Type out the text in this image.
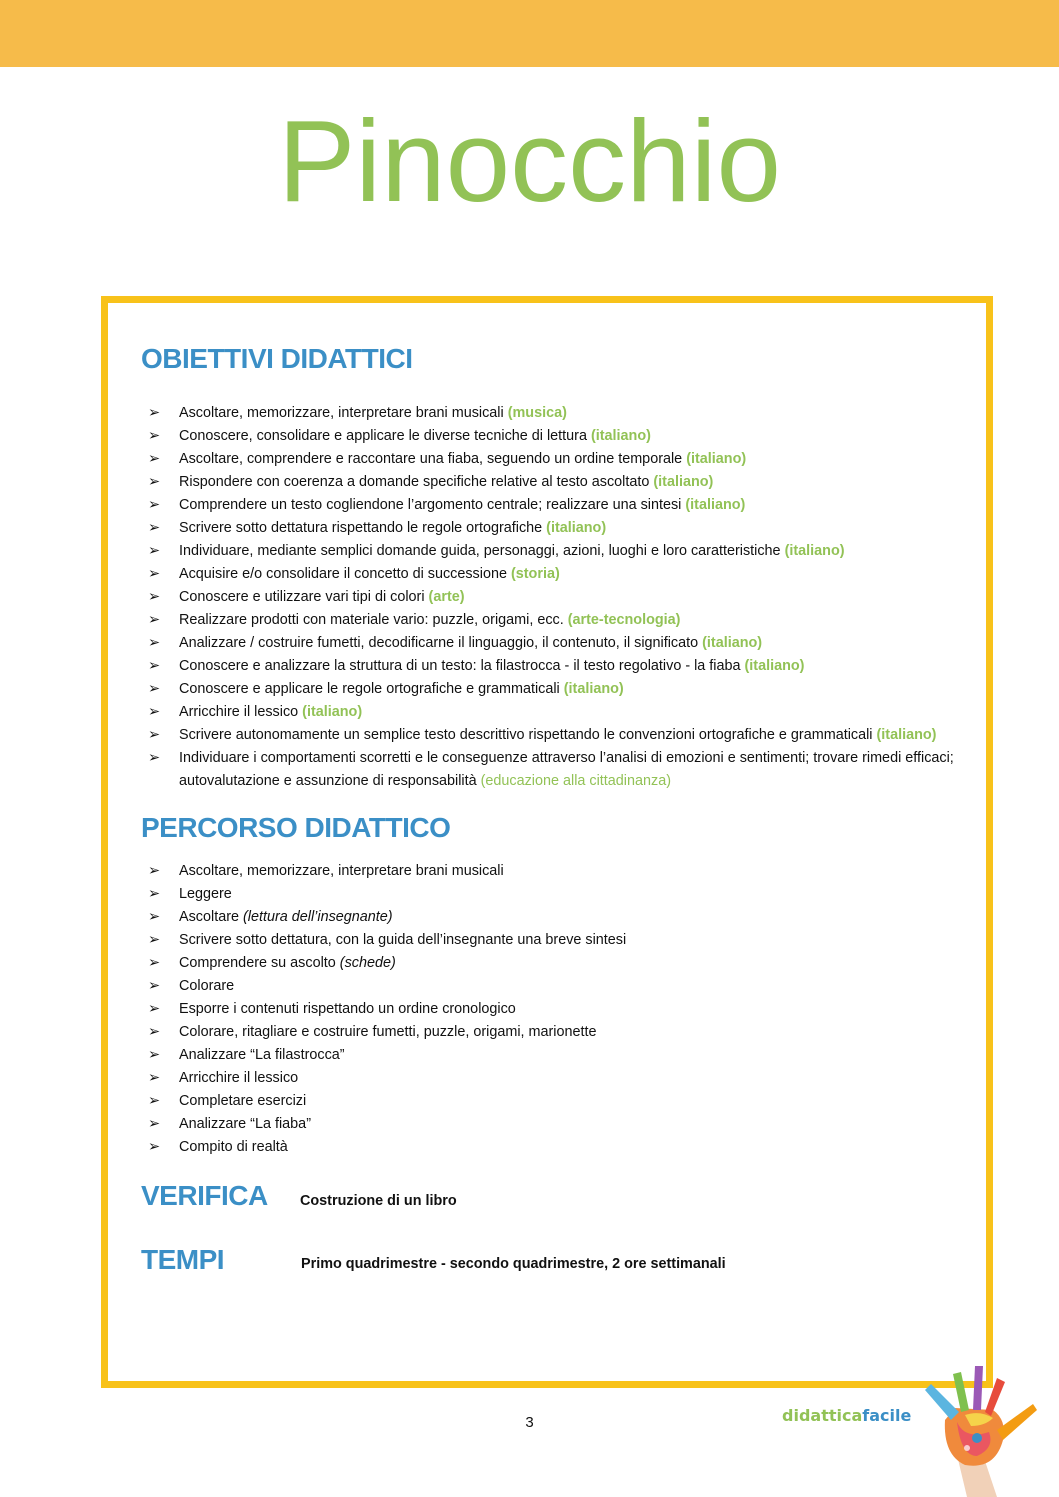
Pinocchio
OBIETTIVI DIDATTICI
➢ Ascoltare, memorizzare, interpretare brani musicali (musica)
➢ Conoscere, consolidare e applicare le diverse tecniche di lettura (italiano)
➢ Ascoltare, comprendere e raccontare una fiaba, seguendo un ordine temporale (italiano)
➢ Rispondere con coerenza a domande specifiche relative al testo ascoltato (italiano)
➢ Comprendere un testo cogliendone l’argomento centrale; realizzare una sintesi (italiano)
➢ Scrivere sotto dettatura rispettando le regole ortografiche (italiano)
➢ Individuare, mediante semplici domande guida, personaggi, azioni, luoghi e loro caratteristiche (italiano)
➢ Acquisire e/o consolidare il concetto di successione (storia)
➢ Conoscere e utilizzare vari tipi di colori (arte)
➢ Realizzare prodotti con materiale vario: puzzle, origami, ecc. (arte-tecnologia)
➢ Analizzare / costruire fumetti, decodificarne il linguaggio, il contenuto, il significato (italiano)
➢ Conoscere e analizzare la struttura di un testo: la filastrocca - il testo regolativo - la fiaba (italiano)
➢ Conoscere e applicare le regole ortografiche e grammaticali (italiano)
➢ Arricchire il lessico (italiano)
➢ Scrivere autonomamente un semplice testo descrittivo rispettando le convenzioni ortografiche e grammaticali (italiano)
➢ Individuare i comportamenti scorretti e le conseguenze attraverso l’analisi di emozioni e sentimenti; trovare rimedi efficaci;
autovalutazione e assunzione di responsabilità (educazione alla cittadinanza)
PERCORSO DIDATTICO
➢ Ascoltare, memorizzare, interpretare brani musicali
➢ Leggere
➢ Ascoltare (lettura dell’insegnante)
➢ Scrivere sotto dettatura, con la guida dell’insegnante una breve sintesi
➢ Comprendere su ascolto (schede)
➢ Colorare
➢ Esporre i contenuti rispettando un ordine cronologico
➢ Colorare, ritagliare e costruire fumetti, puzzle, origami, marionette
➢ Analizzare “La filastrocca”
➢ Arricchire il lessico
➢ Completare esercizi
➢ Analizzare “La fiaba”
➢ Compito di realtà
VERIFICA Costruzione di un libro
TEMPI	Primo quadrimestre - secondo quadrimestre, 2 ore settimanali
3	didatticafacile
